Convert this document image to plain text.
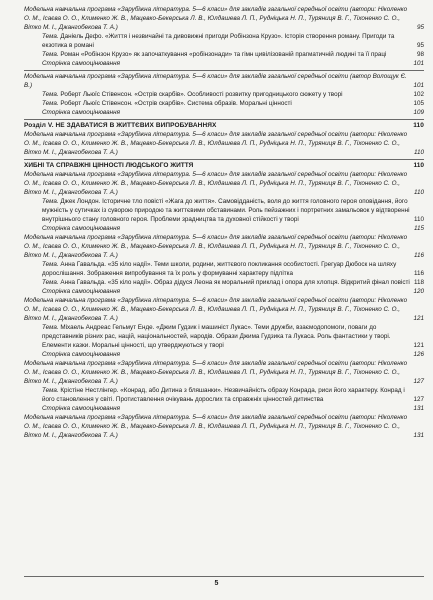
Модельна навчальна програма «Зарубіжна література. 5—6 класи» для закладів загальної середньої освіти (автори: Ніколенко О. М., Ісаєва О. О., Клименко Ж. В., Мацевко-Бекерська Л. В., Юлдашева Л. П., Рудніцька Н. П., Туряниця В. Г., Тіхоненко С. О., Вітко М. І., Джангобекова Т. А.)	95
Тема. Даніель Дефо. «Життя і незвичайні та дивовижні пригоди Робінзона Крузо». Історія створення роману. Пригоди та екзотика в романі	95
Тема. Роман «Робінзон Крузо» як започаткування «робінзонади» та гімн цивілізованій прагматичній людині та її праці	98
Сторінка самооцінювання	101
Модельна навчальна програма «Зарубіжна література. 5—6 класи» для закладів загальної середньої освіти (автор Волощук Є. В.)	101
Тема. Роберт Льюїс Стівенсон. «Острів скарбів». Особливості розвитку пригодницького сюжету у творі	102
Тема. Роберт Льюїс Стівенсон. «Острів скарбів». Система образів. Моральні цінності	105
Сторінка самооцінювання	109
Розділ V. НЕ ЗДАВАТИСЯ В ЖИТТЄВИХ ВИПРОБУВАННЯХ	110
Модельна навчальна програма «Зарубіжна література. 5—6 класи» для закладів загальної середньої освіти (автори: Ніколенко О. М., Ісаєва О. О., Клименко Ж. В., Мацевко-Бекерська Л. В., Юлдашева Л. П., Рудніцька Н. П., Туряниця В. Г., Тіхоненко С. О., Вітко М. І., Джангобекова Т. А.)	110
ХИБНІ ТА СПРАВЖНІ ЦІННОСТІ ЛЮДСЬКОГО ЖИТТЯ	110
Модельна навчальна програма «Зарубіжна література. 5—6 класи» для закладів загальної середньої освіти (автори: Ніколенко О. М., Ісаєва О. О., Клименко Ж. В., Мацевко-Бекерська Л. В., Юлдашева Л. П., Рудніцька Н. П., Туряниця В. Г., Тіхоненко С. О., Вітко М. І., Джангобекова Т. А.)	110
Тема. Джек Лондон. Історичне тло повісті «Жага до життя». Самовідданість, воля до життя головного героя оповідання, його мужність у сутичках із суворою природою та життєвими обставинами. Роль пейзажних і портретних замальовок у відтворенні внутрішнього стану головного героя. Проблеми зрадництва та духовної стійкості у творі	110
Сторінка самооцінювання	115
Модельна навчальна програма «Зарубіжна література. 5—6 класи» для закладів загальної середньої освіти (автори: Ніколенко О. М., Ісаєва О. О., Клименко Ж. В., Мацевко-Бекерська Л. В., Юлдашева Л. П., Рудніцька Н. П., Туряниця В. Г., Тіхоненко С. О., Вітко М. І., Джангобекова Т. А.)	116
Тема. Анна Гавальда. «35 кіло надії». Теми школи, родини, життєвого покликання особистості. Грегуар Дюбоск на шляху дорослішання. Зображення випробування та їх роль у формуванні характеру підлітка	116
Тема. Анна Гавальда. «35 кіло надії». Образ дідуся Леона як моральний приклад і опора для хлопця. Відкритий фінал повісті 118
Сторінка самооцінювання	120
Модельна навчальна програма «Зарубіжна література. 5—6 класи» для закладів загальної середньої освіти (автори: Ніколенко О. М., Ісаєва О. О., Клименко Ж. В., Мацевко-Бекерська Л. В., Юлдашева Л. П., Рудніцька Н. П., Туряниця В. Г., Тіхоненко С. О., Вітко М. І., Джангобекова Т. А.)	121
Тема. Міхаель Андреас Гельмут Енде. «Джим Гудзик і машиніст Лукас». Теми дружби, взаємодопомоги, поваги до представників різних рас, націй, національностей, народів. Образи Джима Гудзика та Лукаса. Роль фантастики у творі. Елементи казки. Моральні цінності, що утверджуються у творі	121
Сторінка самооцінювання	126
Модельна навчальна програма «Зарубіжна література. 5—6 класи» для закладів загальної середньої освіти (автори: Ніколенко О. М., Ісаєва О. О., Клименко Ж. В., Мацевко-Бекерська Л. В., Юлдашева Л. П., Рудніцька Н. П., Туряниця В. Г., Тіхоненко С. О., Вітко М. І., Джангобекова Т. А.)	127
Тема. Крістіне Нестлінгер. «Конрад, або Дитина з бляшанки». Незвичайність образу Конрада, риси його характеру. Конрад і його становлення у світі. Протиставлення очікувань дорослих та справжніх цінностей дитинства	127
Сторінка самооцінювання	131
Модельна навчальна програма «Зарубіжна література. 5—6 класи» для закладів загальної середньої освіти (автори: Ніколенко О. М., Ісаєва О. О., Клименко Ж. В., Мацевко-Бекерська Л. В., Юлдашева Л. П., Рудніцька Н. П., Туряниця В. Г., Тіхоненко С. О., Вітко М. І., Джангобекова Т. А.)	131
5
